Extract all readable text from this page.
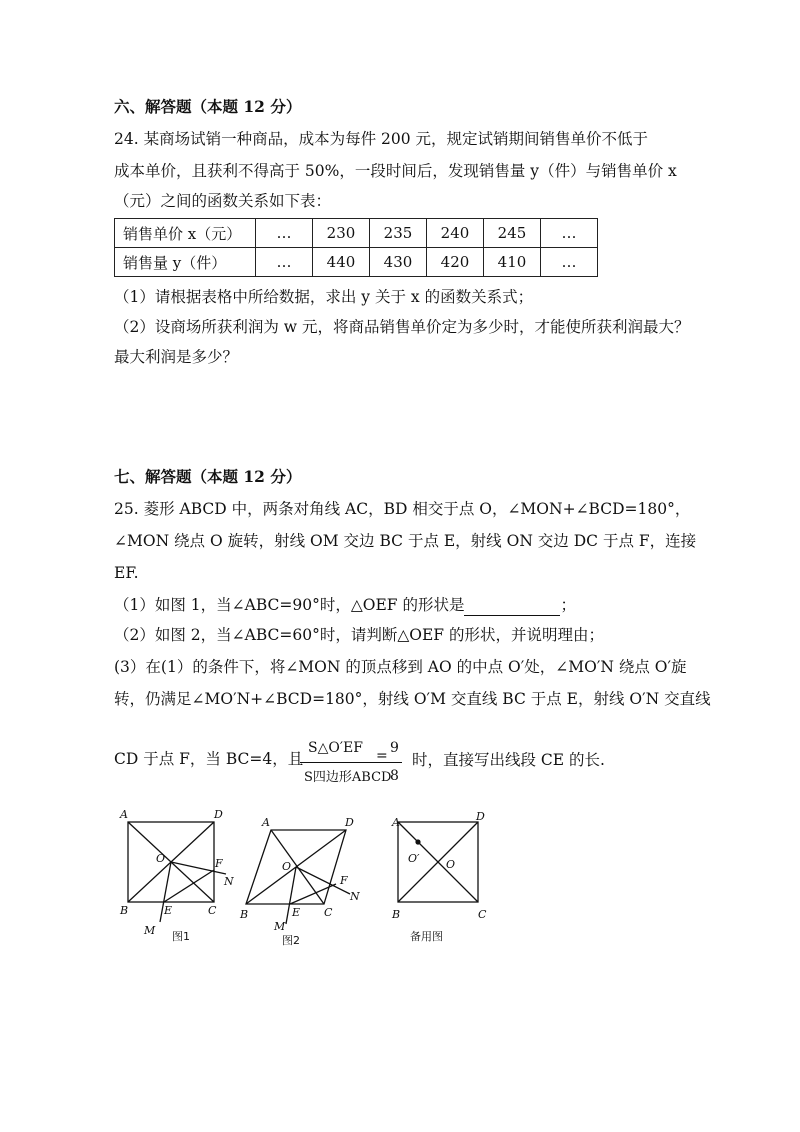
六、解答题（本题 12 分）
24. 某商场试销一种商品，成本为每件 200 元，规定试销期间销售单价不低于
成本单价，且获利不得高于 50%，一段时间后，发现销售量 y（件）与销售单价 x
（元）之间的函数关系如下表：
销售单价 x（元）	…	230	235	240	245	…
销售量 y（件）	…	440	430	420	410	…
（1）请根据表格中所给数据，求出 y 关于 x 的函数关系式；
（2）设商场所获利润为 w 元，将商品销售单价定为多少时，才能使所获利润最大？
最大利润是多少？
七、解答题（本题 12 分）
25. 菱形 ABCD 中，两条对角线 AC，BD 相交于点 O，∠MON+∠BCD=180°，
∠MON 绕点 O 旋转，射线 OM 交边 BC 于点 E，射线 ON 交边 DC 于点 F，连接
EF.
（1）如图 1，当∠ABC=90°时，△OEF 的形状是	；
（2）如图 2，当∠ABC=60°时，请判断△OEF 的形状，并说明理由；
(3）在(1）的条件下，将∠MON 的顶点移到 AO 的中点 O′处，∠MO′N 绕点 O′旋
转，仍满足∠MO′N+∠BCD=180°，射线 O′M 交直线 BC 于点 E，射线 O′N 交直线
CD 于点 F，当 BC=4，且
S△O′EF
S四边形ABCD
= 9
8
时，直接写出线段 CE 的长.
A	D
O	F
N
B	E	C
M 图1
A	D
O
F
N
B	E C
M
图2
A	D
O′ O
B	C
备用图
